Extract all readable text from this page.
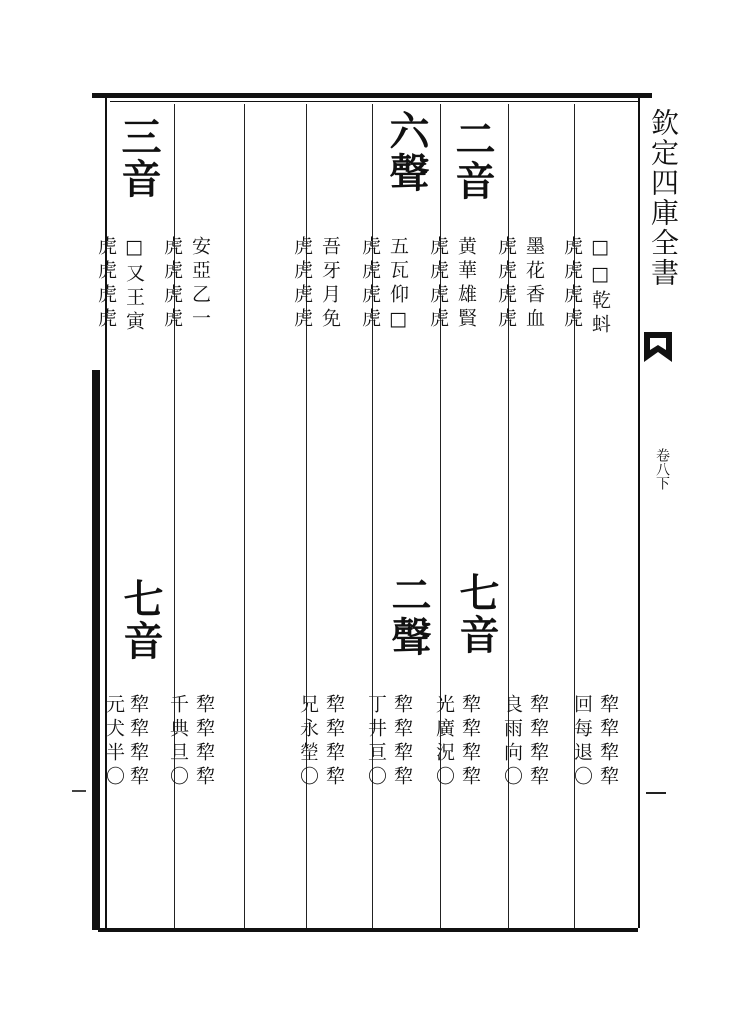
欽定四庫全書
卷八下
□□乾蚪
虎虎虎虎
犂犂犂犂
回每退〇
墨花香血
虎虎虎虎
犂犂犂犂
良雨向〇
二音
黄華雄賢
虎虎虎虎
七音
犂犂犂犂
光廣況〇
六聲
五瓦仰□
虎虎虎虎
二聲
犂犂犂犂
丁井亘〇
吾牙月免
虎虎虎虎
犂犂犂犂
兄永塋〇
安亞乙一
虎虎虎虎
犂犂犂犂
千典旦〇
三音
□又王寅
虎虎虎虎
七音
犂犂犂犂
元犬半〇
